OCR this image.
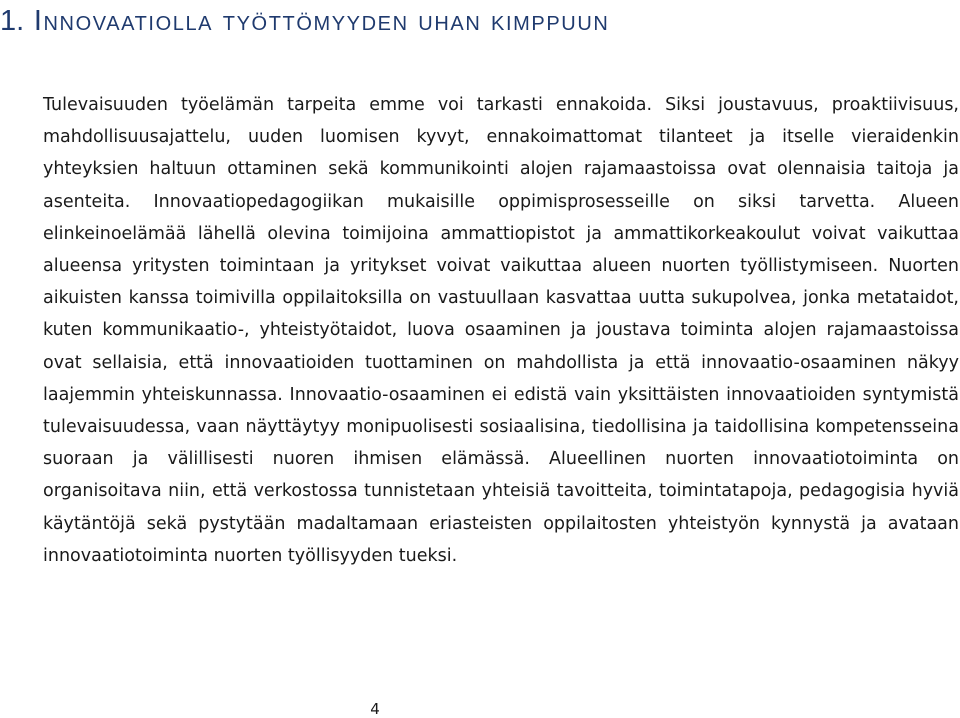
1. Innovaatiolla työttömyyden uhan kimppuun

Tulevaisuuden työelämän tarpeita emme voi tarkasti ennakoida. Siksi joustavuus, proaktiivisuus, mahdollisuusajattelu, uuden luomisen kyvyt, ennakoimattomat tilanteet ja itselle vieraidenkin yhteyksien haltuun ottaminen sekä kommunikointi alojen rajamaastoissa ovat olennaisia taitoja ja asenteita. Innovaatiopedagogiikan mukaisille oppimisprosesseille on siksi tarvetta. Alueen elinkeinoelämää lähellä olevina toimijoina ammattiopistot ja ammattikorkeakoulut voivat vaikuttaa alueensa yritysten toimintaan ja yritykset voivat vaikuttaa alueen nuorten työllistymiseen. Nuorten aikuisten kanssa toimivilla oppilaitoksilla on vastuullaan kasvattaa uutta sukupolvea, jonka metataidot, kuten kommunikaatio-, yhteistyötaidot, luova osaaminen ja joustava toiminta alojen rajamaastoissa ovat sellaisia, että innovaatioiden tuottaminen on mahdollista ja että innovaatio-osaaminen näkyy laajemmin yhteiskunnassa. Innovaatio-osaaminen ei edistä vain yksittäisten innovaatioiden syntymistä tulevaisuudessa, vaan näyttäytyy monipuolisesti sosiaalisina, tiedollisina ja taidollisina kompetensseina suoraan ja välillisesti nuoren ihmisen elämässä. Alueellinen nuorten innovaatiotoiminta on organisoitava niin, että verkostossa tunnistetaan yhteisiä tavoitteita, toimintatapoja, pedagogisia hyviä käytäntöjä sekä pystytään madaltamaan eriasteisten oppilaitosten yhteistyön kynnystä ja avataan innovaatiotoiminta nuorten työllisyyden tueksi.

4
